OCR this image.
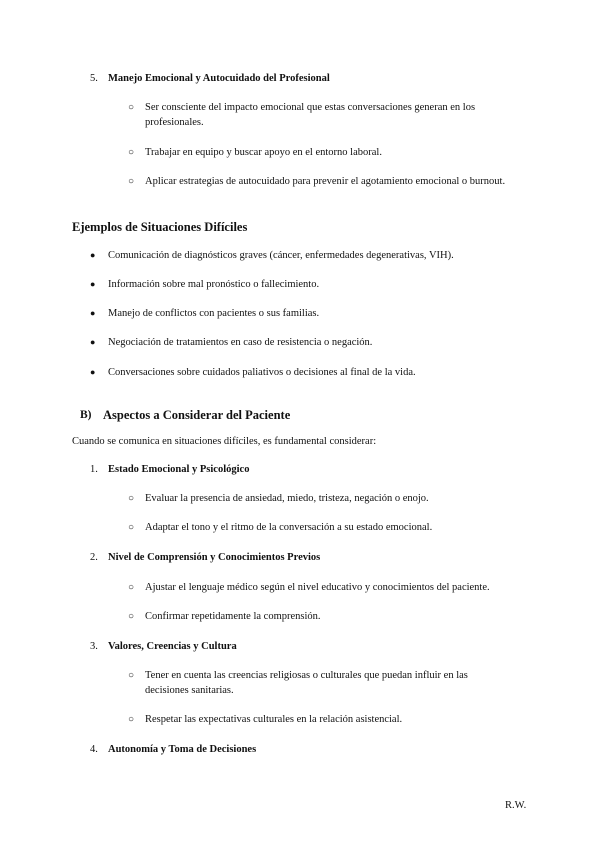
5. Manejo Emocional y Autocuidado del Profesional
○ Ser consciente del impacto emocional que estas conversaciones generan en los
profesionales.
○ Trabajar en equipo y buscar apoyo en el entorno laboral.
○ Aplicar estrategias de autocuidado para prevenir el agotamiento emocional o burnout.
Ejemplos de Situaciones Difíciles
● Comunicación de diagnósticos graves (cáncer, enfermedades degenerativas, VIH).
● Información sobre mal pronóstico o fallecimiento.
● Manejo de conflictos con pacientes o sus familias.
● Negociación de tratamientos en caso de resistencia o negación.
● Conversaciones sobre cuidados paliativos o decisiones al final de la vida.
B) Aspectos a Considerar del Paciente
Cuando se comunica en situaciones difíciles, es fundamental considerar:
1. Estado Emocional y Psicológico
○ Evaluar la presencia de ansiedad, miedo, tristeza, negación o enojo.
○ Adaptar el tono y el ritmo de la conversación a su estado emocional.
2. Nivel de Comprensión y Conocimientos Previos
○ Ajustar el lenguaje médico según el nivel educativo y conocimientos del paciente.
○ Confirmar repetidamente la comprensión.
3. Valores, Creencias y Cultura
○ Tener en cuenta las creencias religiosas o culturales que puedan influir en las
decisiones sanitarias.
○ Respetar las expectativas culturales en la relación asistencial.
4. Autonomía y Toma de Decisiones
R.W.
